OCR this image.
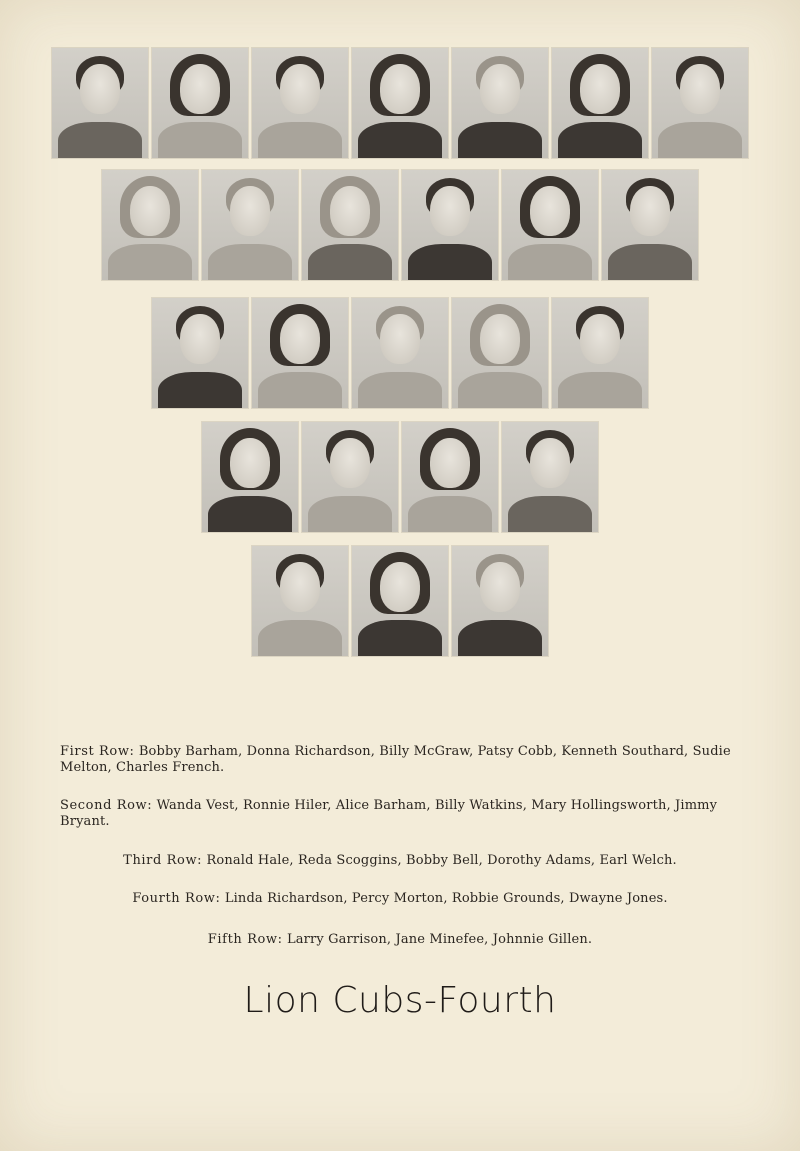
First Row: Bobby Barham, Donna Richardson, Billy McGraw, Patsy Cobb, Kenneth Southard, Sudie Melton, Charles French.
Second Row: Wanda Vest, Ronnie Hiler, Alice Barham, Billy Watkins, Mary Hollingsworth, Jimmy Bryant.
Third Row: Ronald Hale, Reda Scoggins, Bobby Bell, Dorothy Adams, Earl Welch.
Fourth Row: Linda Richardson, Percy Morton, Robbie Grounds, Dwayne Jones.
Fifth Row: Larry Garrison, Jane Minefee, Johnnie Gillen.
Lion Cubs-Fourth
